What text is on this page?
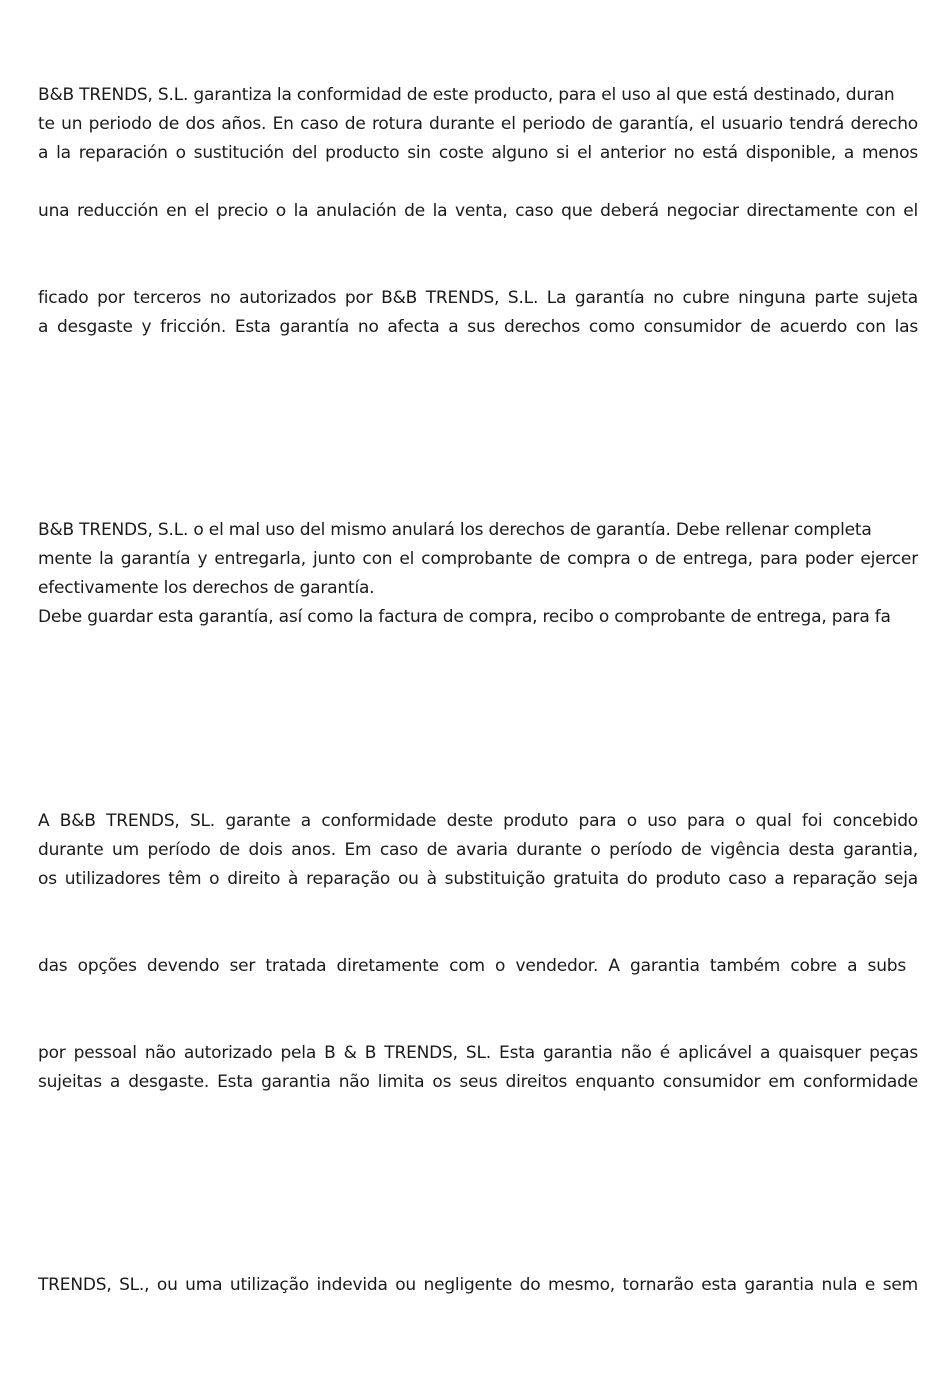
B&B TRENDS, S.L. garantiza la conformidad de este producto, para el uso al que está destinado, duran
te un periodo de dos años. En caso de rotura durante el periodo de garantía, el usuario tendrá derecho
a la reparación o sustitución del producto sin coste alguno si el anterior no está disponible, a menos
una reducción en el precio o la anulación de la venta, caso que deberá negociar directamente con el
ficado por terceros no autorizados por B&B TRENDS, S.L. La garantía no cubre ninguna parte sujeta
a desgaste y fricción. Esta garantía no afecta a sus derechos como consumidor de acuerdo con las
B&B TRENDS, S.L. o el mal uso del mismo anulará los derechos de garantía. Debe rellenar completa
mente la garantía y entregarla, junto con el comprobante de compra o de entrega, para poder ejercer
efectivamente los derechos de garantía.
Debe guardar esta garantía, así como la factura de compra, recibo o comprobante de entrega, para fa
A B&B TRENDS, SL. garante a conformidade deste produto para o uso para o qual foi concebido
durante um período de dois anos. Em caso de avaria durante o período de vigência desta garantia,
os utilizadores têm o direito à reparação ou à substituição gratuita do produto caso a reparação seja
das opções devendo ser tratada diretamente com o vendedor. A garantia também cobre a subs
por pessoal não autorizado pela B & B TRENDS, SL. Esta garantia não é aplicável a quaisquer peças
sujeitas a desgaste. Esta garantia não limita os seus direitos enquanto consumidor em conformidade
TRENDS, SL., ou uma utilização indevida ou negligente do mesmo, tornarão esta garantia nula e sem
